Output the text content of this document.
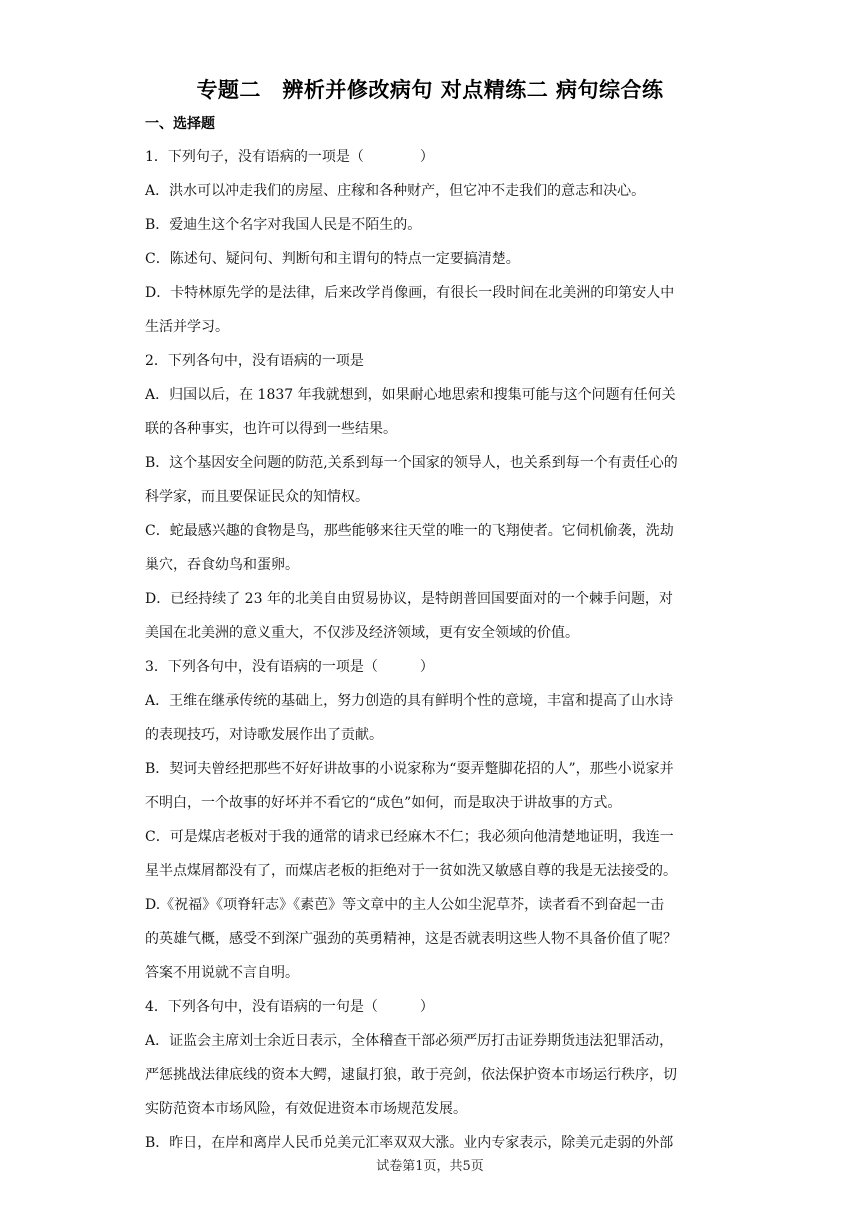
专题二　辨析并修改病句 对点精练二 病句综合练
一、选择题
1．下列句子，没有语病的一项是（　　　　）
A．洪水可以冲走我们的房屋、庄稼和各种财产，但它冲不走我们的意志和决心。
B．爱迪生这个名字对我国人民是不陌生的。
C．陈述句、疑问句、判断句和主谓句的特点一定要搞清楚。
D．卡特林原先学的是法律，后来改学肖像画，有很长一段时间在北美洲的印第安人中
生活并学习。
2．下列各句中，没有语病的一项是
A．归国以后，在 1837 年我就想到，如果耐心地思索和搜集可能与这个问题有任何关
联的各种事实，也许可以得到一些结果。
B．这个基因安全问题的防范,关系到每一个国家的领导人，也关系到每一个有责任心的
科学家，而且要保证民众的知情权。
C．蛇最感兴趣的食物是鸟，那些能够来往天堂的唯一的飞翔使者。它伺机偷袭，洗劫
巢穴，吞食幼鸟和蛋卵。
D．已经持续了 23 年的北美自由贸易协议，是特朗普回国要面对的一个棘手问题，对
美国在北美洲的意义重大，不仅涉及经济领域，更有安全领域的价值。
3．下列各句中，没有语病的一项是（　　　）
A．王维在继承传统的基础上，努力创造的具有鲜明个性的意境，丰富和提高了山水诗
的表现技巧，对诗歌发展作出了贡献。
B．契诃夫曾经把那些不好好讲故事的小说家称为“耍弄蹩脚花招的人”，那些小说家并
不明白，一个故事的好坏并不看它的“成色”如何，而是取决于讲故事的方式。
C．可是煤店老板对于我的通常的请求已经麻木不仁；我必须向他清楚地证明，我连一
星半点煤屑都没有了，而煤店老板的拒绝对于一贫如洗又敏感自尊的我是无法接受的。
D.《祝福》《项脊轩志》《素芭》等文章中的主人公如尘泥草芥，读者看不到奋起一击
的英雄气概，感受不到深广强劲的英勇精神，这是否就表明这些人物不具备价值了呢？
答案不用说就不言自明。
4．下列各句中，没有语病的一句是（　　　）
A．证监会主席刘士余近日表示，全体稽查干部必须严厉打击证券期货违法犯罪活动，
严惩挑战法律底线的资本大鳄，逮鼠打狼，敢于亮剑，依法保护资本市场运行秩序，切
实防范资本市场风险，有效促进资本市场规范发展。
B．昨日，在岸和离岸人民币兑美元汇率双双大涨。业内专家表示，除美元走弱的外部
试卷第1页，共5页
